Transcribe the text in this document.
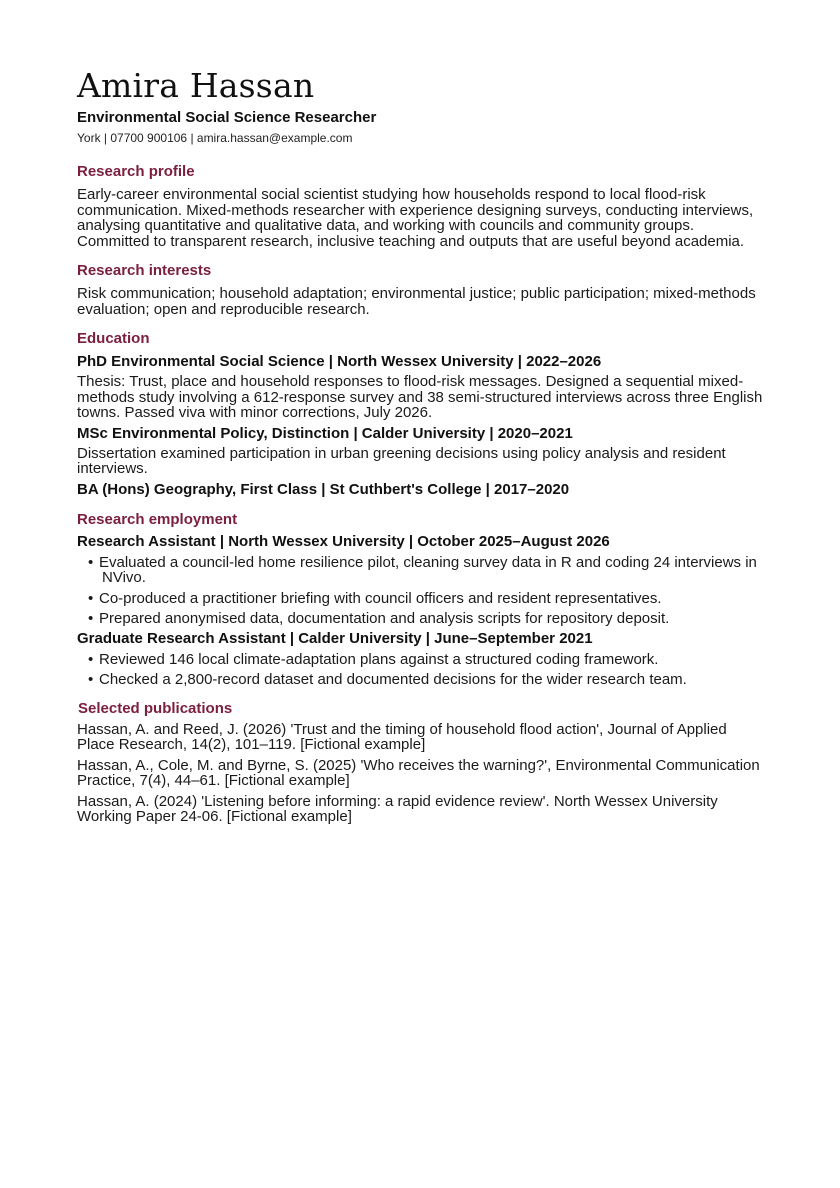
Amira Hassan
Environmental Social Science Researcher
York | 07700 900106 | amira.hassan@example.com
Research profile

Early-career environmental social scientist studying how households respond to local flood-risk communication. Mixed-methods researcher with experience designing surveys, conducting interviews, analysing quantitative and qualitative data, and working with councils and community groups. Committed to transparent research, inclusive teaching and outputs that are useful beyond academia.

Research interests

Risk communication; household adaptation; environmental justice; public participation; mixed-methods evaluation; open and reproducible research.

Education
PhD Environmental Social Science | North Wessex University | 2022–2026

Thesis: Trust, place and household responses to flood-risk messages. Designed a sequential mixed-methods study involving a 612-response survey and 38 semi-structured interviews across three English towns. Passed viva with minor corrections, July 2026.

MSc Environmental Policy, Distinction | Calder University | 2020–2021

Dissertation examined participation in urban greening decisions using policy analysis and resident interviews.

BA (Hons) Geography, First Class | St Cuthbert's College | 2017–2020
Research employment
Research Assistant | North Wessex University | October 2025–August 2026
• Evaluated a council-led home resilience pilot, cleaning survey data in R and coding 24 interviews in NVivo.
• Co-produced a practitioner briefing with council officers and resident representatives.
• Prepared anonymised data, documentation and analysis scripts for repository deposit.
Graduate Research Assistant | Calder University | June–September 2021
• Reviewed 146 local climate-adaptation plans against a structured coding framework.
• Checked a 2,800-record dataset and documented decisions for the wider research team.
Selected publications

Hassan, A. and Reed, J. (2026) 'Trust and the timing of household flood action', Journal of Applied Place Research, 14(2), 101–119. [Fictional example]

Hassan, A., Cole, M. and Byrne, S. (2025) 'Who receives the warning?', Environmental Communication Practice, 7(4), 44–61. [Fictional example]

Hassan, A. (2024) 'Listening before informing: a rapid evidence review'. North Wessex University Working Paper 24-06. [Fictional example]
